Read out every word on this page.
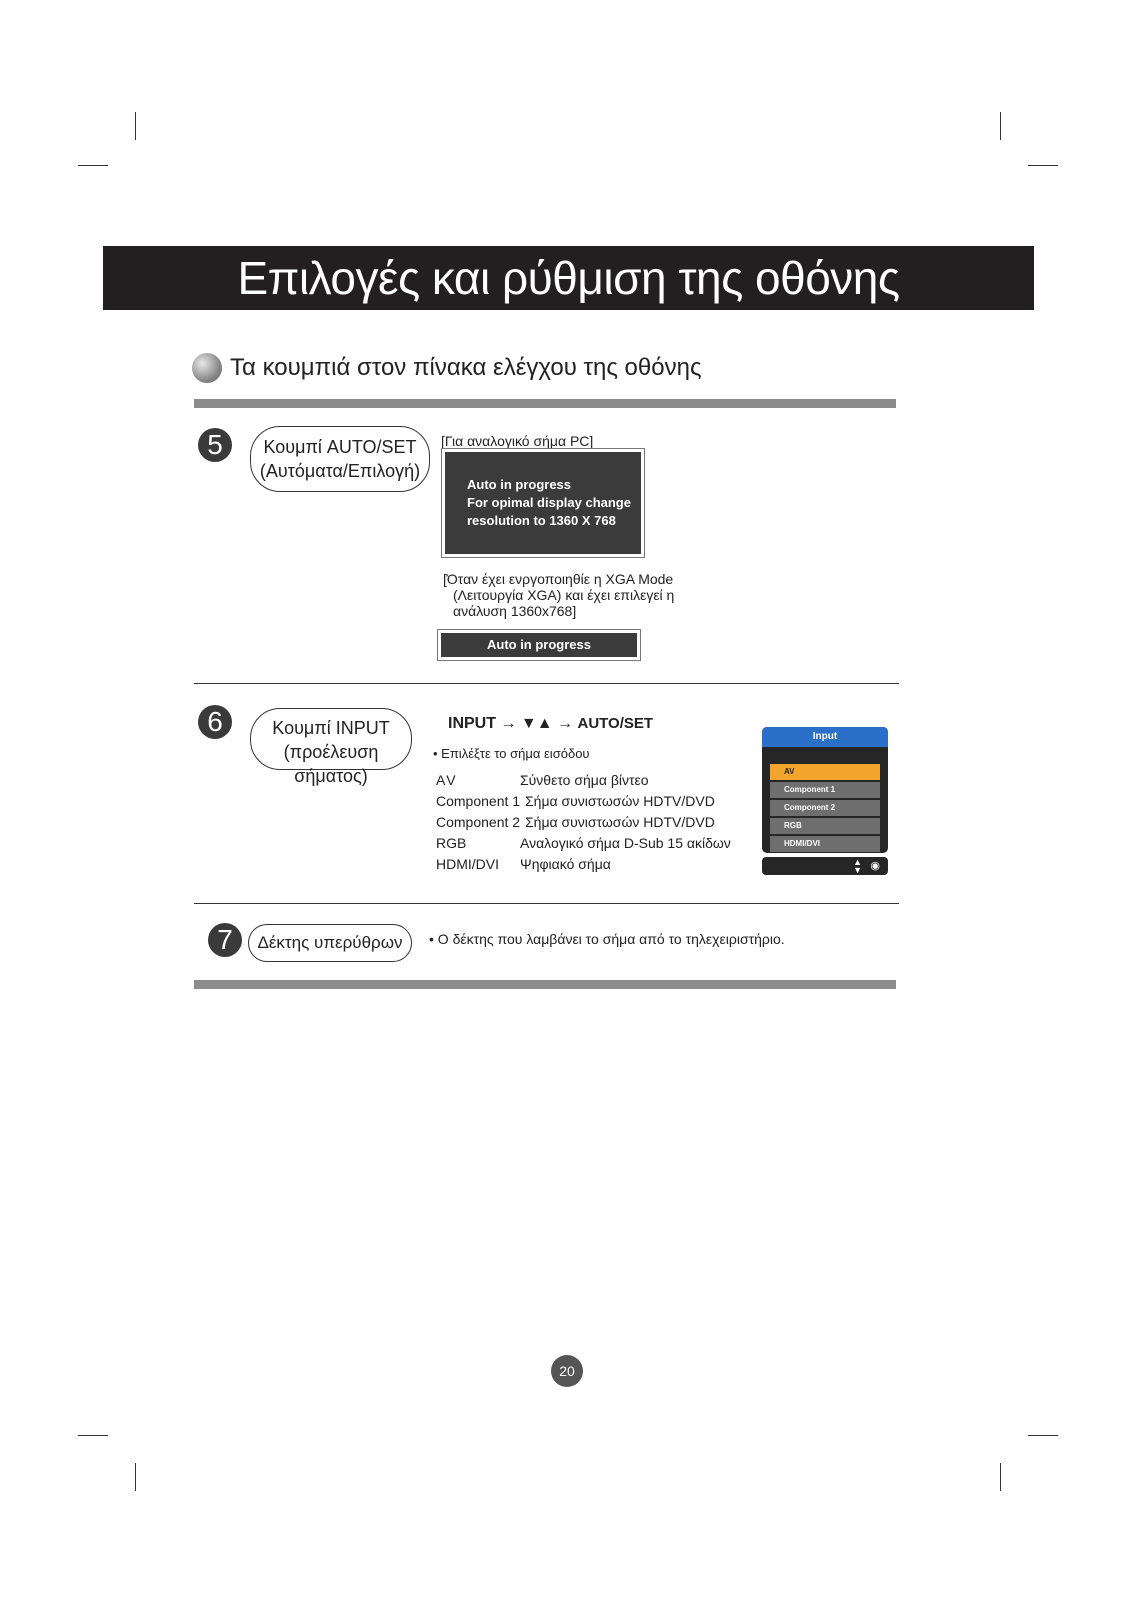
Επιλογές και ρύθμιση της οθόνης
Τα κουμπιά στον πίνακα ελέγχου της οθόνης
5	Κουμπί AUTO/SET
(Αυτόματα/Επιλογή)
[Για αναλογικό σήμα PC]
Auto in progress
For opimal display change
resolution to 1360 X 768
[Όταν έχει ενργοποιηθίε η XGA Mode
(Λειτουργία XGA) και έχει επιλεγεί η
ανάλυση 1360x768]
Auto in progress
6	Κουμπί INPUT
(προέλευση σήματος)
INPUT → ▼▲ → AUTO/SET
• Επιλέξτε το σήμα εισόδου
AV	Σύνθετο σήμα βίντεο
Component 1 Σήμα συνιστωσών HDTV/DVD
Component 2 Σήμα συνιστωσών HDTV/DVD
RGB	Αναλογικό σήμα D-Sub 15 ακίδων
HDMI/DVI Ψηφιακό σήμα
Input
AV
Component 1
Component 2
RGB
HDMI/DVI
▲
▼ ◉
7	Δέκτης υπερύθρων	• Ο δέκτης που λαμβάνει το σήμα από το τηλεχειριστήριο.
20
